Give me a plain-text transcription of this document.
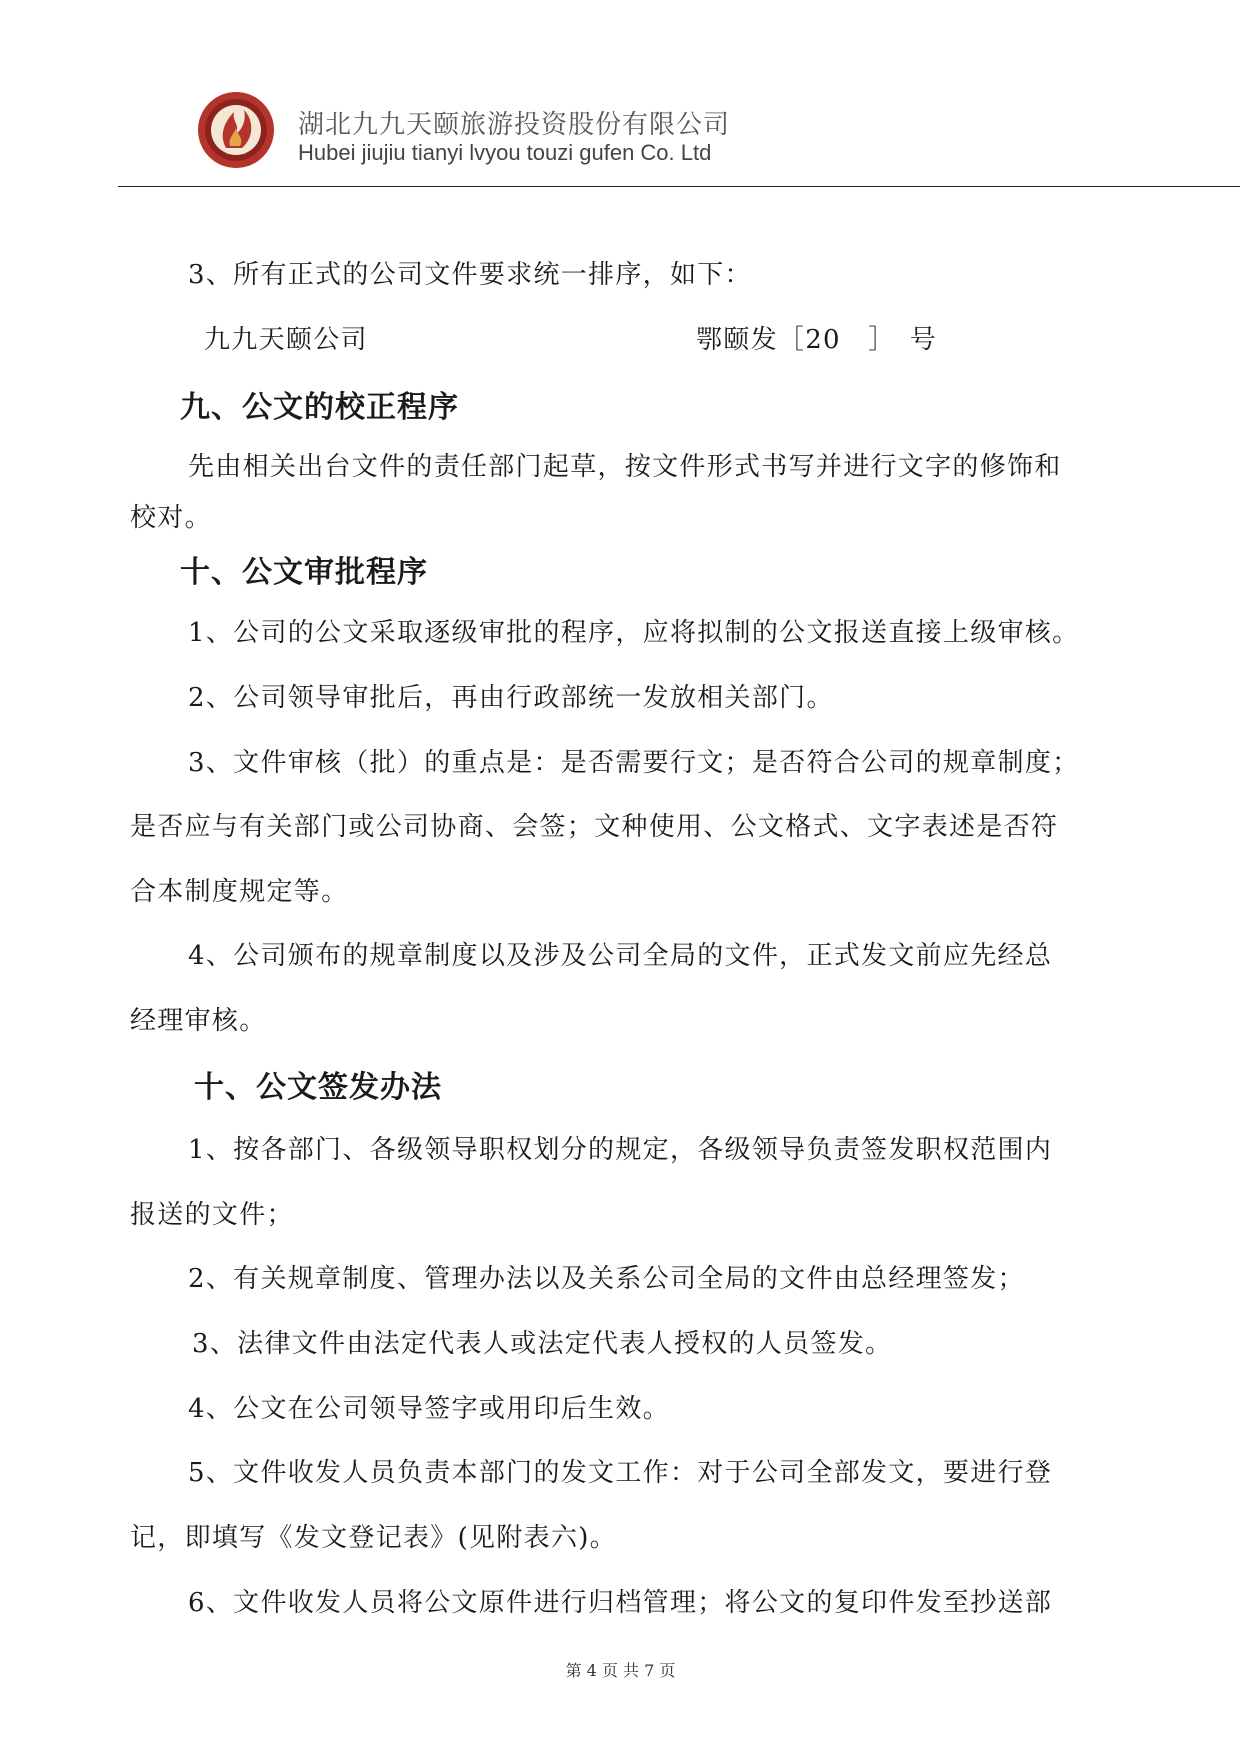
湖北九九天颐旅游投资股份有限公司
Hubei jiujiu tianyi lvyou touzi gufen Co. Ltd
3、所有正式的公司文件要求统一排序，如下：
九九天颐公司	鄂颐发［20　］　号
九、公文的校正程序
先由相关出台文件的责任部门起草，按文件形式书写并进行文字的修饰和
校对。
十、公文审批程序
1、公司的公文采取逐级审批的程序，应将拟制的公文报送直接上级审核。
2、公司领导审批后，再由行政部统一发放相关部门。
3、文件审核（批）的重点是：是否需要行文；是否符合公司的规章制度；
是否应与有关部门或公司协商、会签；文种使用、公文格式、文字表述是否符
合本制度规定等。
4、公司颁布的规章制度以及涉及公司全局的文件，正式发文前应先经总
经理审核。
十、公文签发办法
1、按各部门、各级领导职权划分的规定，各级领导负责签发职权范围内
报送的文件；
2、有关规章制度、管理办法以及关系公司全局的文件由总经理签发；
3、法律文件由法定代表人或法定代表人授权的人员签发。
4、公文在公司领导签字或用印后生效。
5、文件收发人员负责本部门的发文工作：对于公司全部发文，要进行登
记，即填写《发文登记表》(见附表六)。
6、文件收发人员将公文原件进行归档管理；将公文的复印件发至抄送部
第 4 页 共 7 页
